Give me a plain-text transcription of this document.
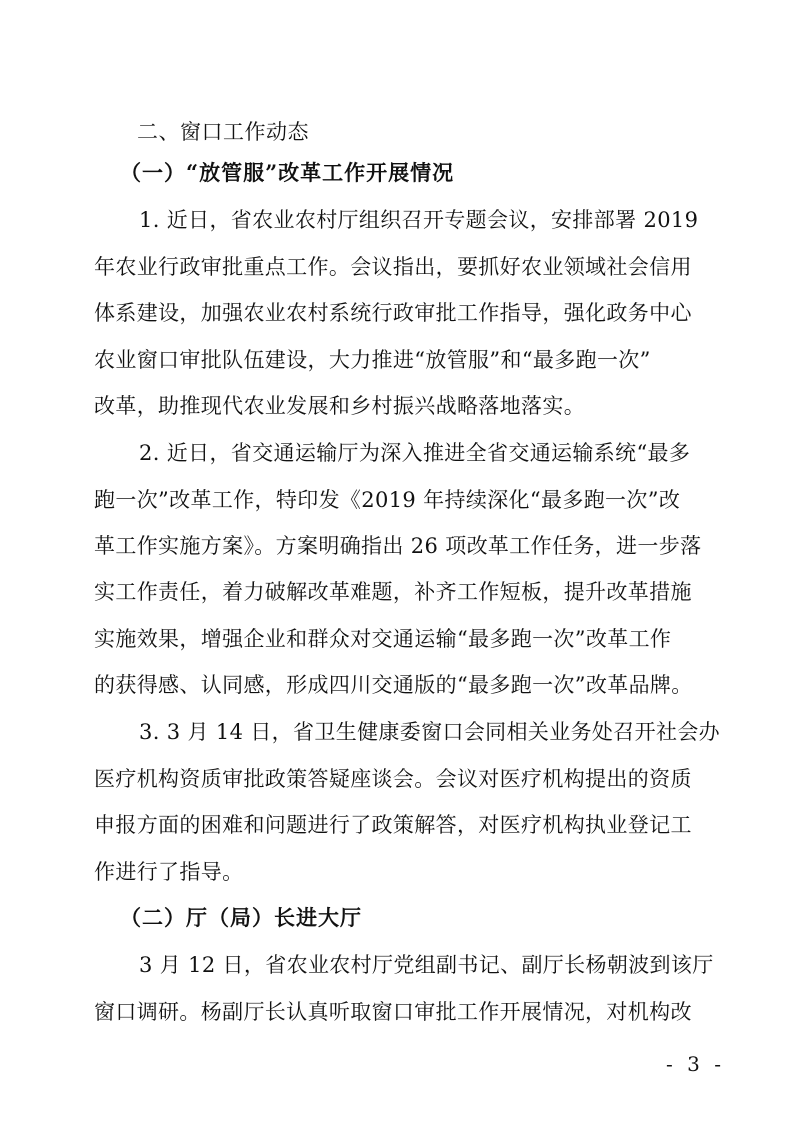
二、窗口工作动态
（一）“放管服”改革工作开展情况
1. 近日，省农业农村厅组织召开专题会议，安排部署 2019
年农业行政审批重点工作。会议指出，要抓好农业领域社会信用
体系建设，加强农业农村系统行政审批工作指导，强化政务中心
农业窗口审批队伍建设，大力推进“放管服”和“最多跑一次”
改革，助推现代农业发展和乡村振兴战略落地落实。
2. 近日，省交通运输厅为深入推进全省交通运输系统“最多
跑一次”改革工作，特印发《2019 年持续深化“最多跑一次”改
革工作实施方案》。方案明确指出 26 项改革工作任务，进一步落
实工作责任，着力破解改革难题，补齐工作短板，提升改革措施
实施效果，增强企业和群众对交通运输“最多跑一次”改革工作
的获得感、认同感，形成四川交通版的“最多跑一次”改革品牌。
3. 3 月 14 日，省卫生健康委窗口会同相关业务处召开社会办
医疗机构资质审批政策答疑座谈会。会议对医疗机构提出的资质
申报方面的困难和问题进行了政策解答，对医疗机构执业登记工
作进行了指导。
（二）厅（局）长进大厅
3 月 12 日，省农业农村厅党组副书记、副厅长杨朝波到该厅
窗口调研。杨副厅长认真听取窗口审批工作开展情况，对机构改
- 3 -
